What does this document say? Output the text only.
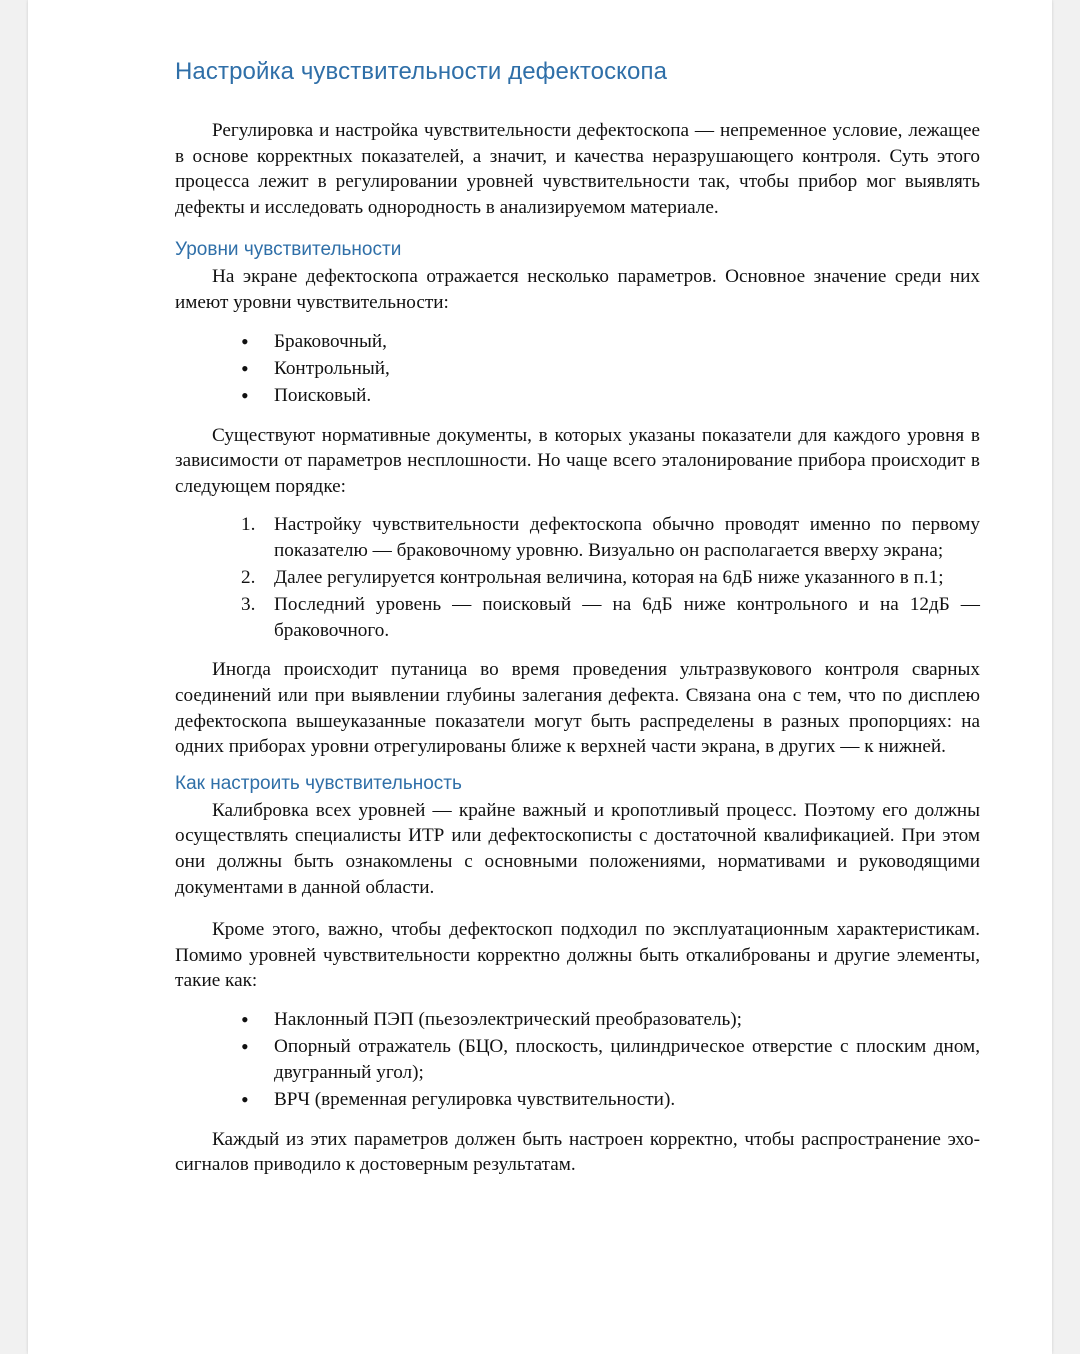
Настройка чувствительности дефектоскопа

Регулировка и настройка чувствительности дефектоскопа — непременное условие, лежащее в основе корректных показателей, а значит, и качества неразрушающего контроля. Суть этого процесса лежит в регулировании уровней чувствительности так, чтобы прибор мог выявлять дефекты и исследовать однородность в анализируемом материале.

Уровни чувствительности

На экране дефектоскопа отражается несколько параметров. Основное значение среди них имеют уровни чувствительности:

• Браковочный,
• Контрольный,
• Поисковый.

Существуют нормативные документы, в которых указаны показатели для каждого уровня в зависимости от параметров несплошности. Но чаще всего эталонирование прибора происходит в следующем порядке:

1. Настройку чувствительности дефектоскопа обычно проводят именно по первому показателю — браковочному уровню. Визуально он располагается вверху экрана;
2. Далее регулируется контрольная величина, которая на 6дБ ниже указанного в п.1;
3. Последний уровень — поисковый — на 6дБ ниже контрольного и на 12дБ — браковочного.

Иногда происходит путаница во время проведения ультразвукового контроля сварных соединений или при выявлении глубины залегания дефекта. Связана она с тем, что по дисплею дефектоскопа вышеуказанные показатели могут быть распределены в разных пропорциях: на одних приборах уровни отрегулированы ближе к верхней части экрана, в других — к нижней.

Как настроить чувствительность

Калибровка всех уровней — крайне важный и кропотливый процесс. Поэтому его должны осуществлять специалисты ИТР или дефектоскописты с достаточной квалификацией. При этом они должны быть ознакомлены с основными положениями, нормативами и руководящими документами в данной области.

Кроме этого, важно, чтобы дефектоскоп подходил по эксплуатационным характеристикам. Помимо уровней чувствительности корректно должны быть откалиброваны и другие элементы, такие как:

• Наклонный ПЭП (пьезоэлектрический преобразователь);
• Опорный отражатель (БЦО, плоскость, цилиндрическое отверстие с плоским дном, двугранный угол);
• ВРЧ (временная регулировка чувствительности).

Каждый из этих параметров должен быть настроен корректно, чтобы распространение эхо-сигналов приводило к достоверным результатам.
